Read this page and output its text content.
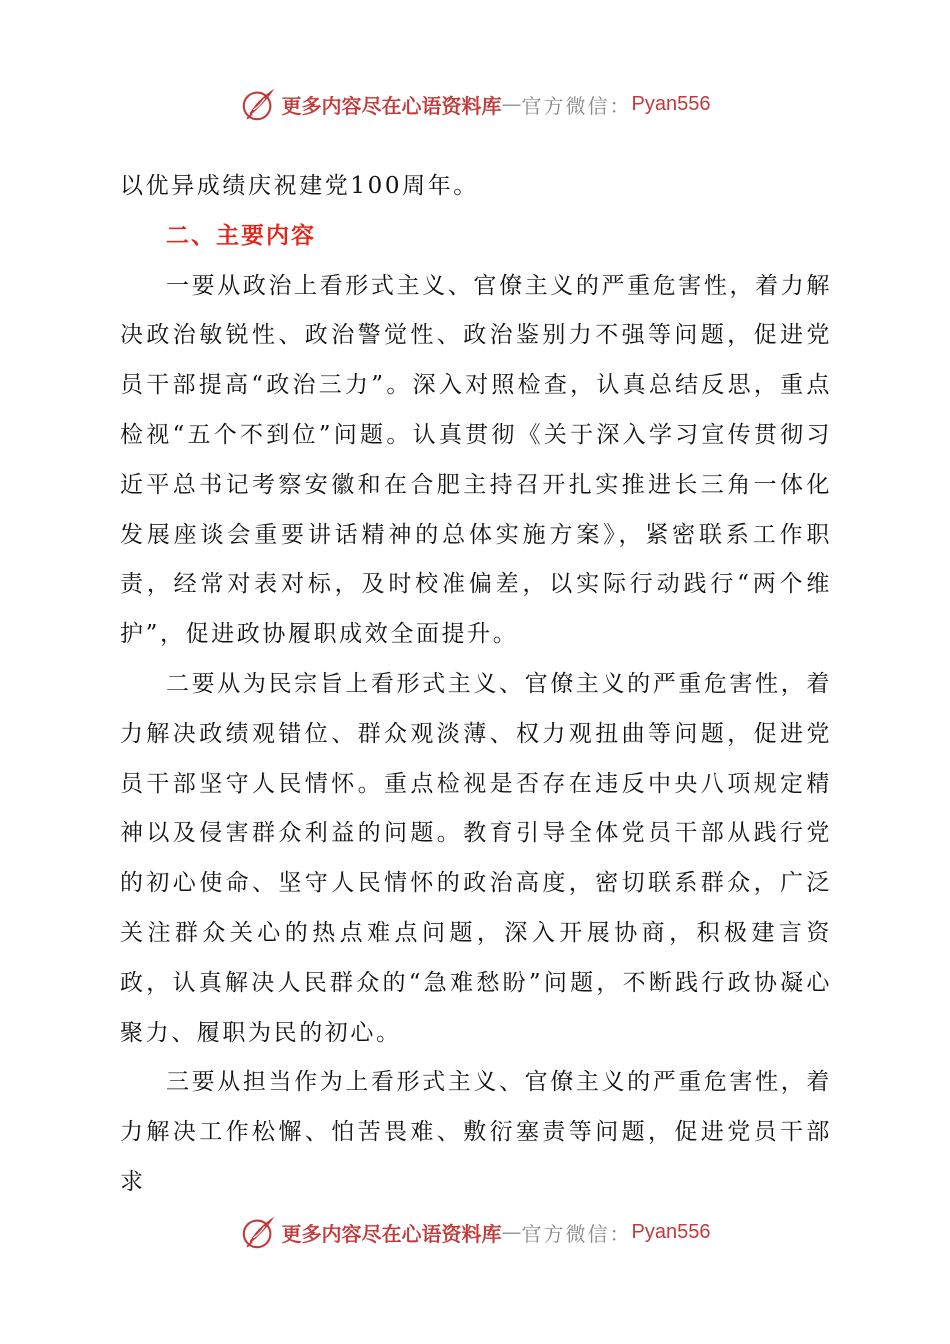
更多内容尽在心语资料库 — 官方微信： Pyan556

以优异成绩庆祝建党100周年。

二、主要内容

一要从政治上看形式主义、官僚主义的严重危害性，着力解决政治敏锐性、政治警觉性、政治鉴别力不强等问题，促进党员干部提高“政治三力”。深入对照检查，认真总结反思，重点检视“五个不到位”问题。认真贯彻《关于深入学习宣传贯彻习近平总书记考察安徽和在合肥主持召开扎实推进长三角一体化发展座谈会重要讲话精神的总体实施方案》，紧密联系工作职责，经常对表对标，及时校准偏差，以实际行动践行“两个维护”，促进政协履职成效全面提升。

二要从为民宗旨上看形式主义、官僚主义的严重危害性，着力解决政绩观错位、群众观淡薄、权力观扭曲等问题，促进党员干部坚守人民情怀。重点检视是否存在违反中央八项规定精神以及侵害群众利益的问题。教育引导全体党员干部从践行党的初心使命、坚守人民情怀的政治高度，密切联系群众，广泛关注群众关心的热点难点问题，深入开展协商，积极建言资政，认真解决人民群众的“急难愁盼”问题，不断践行政协凝心聚力、履职为民的初心。

三要从担当作为上看形式主义、官僚主义的严重危害性，着力解决工作松懈、怕苦畏难、敷衍塞责等问题，促进党员干部求

更多内容尽在心语资料库 — 官方微信： Pyan556
